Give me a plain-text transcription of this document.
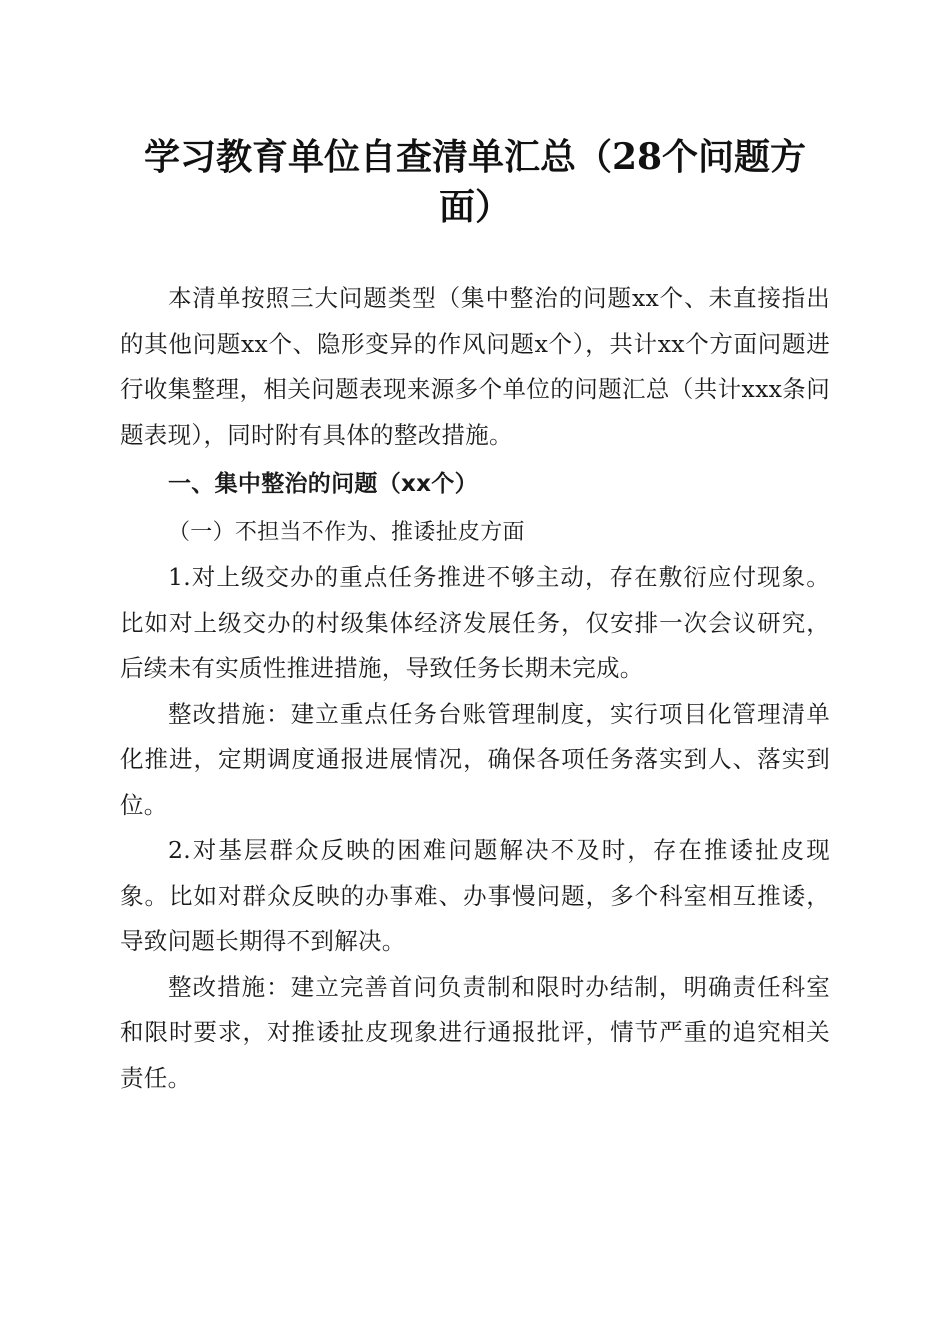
学习教育单位自查清单汇总（28个问题方面）

本清单按照三大问题类型（集中整治的问题xx个、未直接指出的其他问题xx个、隐形变异的作风问题x个），共计xx个方面问题进行收集整理，相关问题表现来源多个单位的问题汇总（共计xxx条问题表现），同时附有具体的整改措施。

一、集中整治的问题（xx个）

（一）不担当不作为、推诿扯皮方面

1.对上级交办的重点任务推进不够主动，存在敷衍应付现象。比如对上级交办的村级集体经济发展任务，仅安排一次会议研究，后续未有实质性推进措施，导致任务长期未完成。

整改措施：建立重点任务台账管理制度，实行项目化管理清单化推进，定期调度通报进展情况，确保各项任务落实到人、落实到位。

2.对基层群众反映的困难问题解决不及时，存在推诿扯皮现象。比如对群众反映的办事难、办事慢问题，多个科室相互推诿，导致问题长期得不到解决。

整改措施：建立完善首问负责制和限时办结制，明确责任科室和限时要求，对推诿扯皮现象进行通报批评，情节严重的追究相关责任。
